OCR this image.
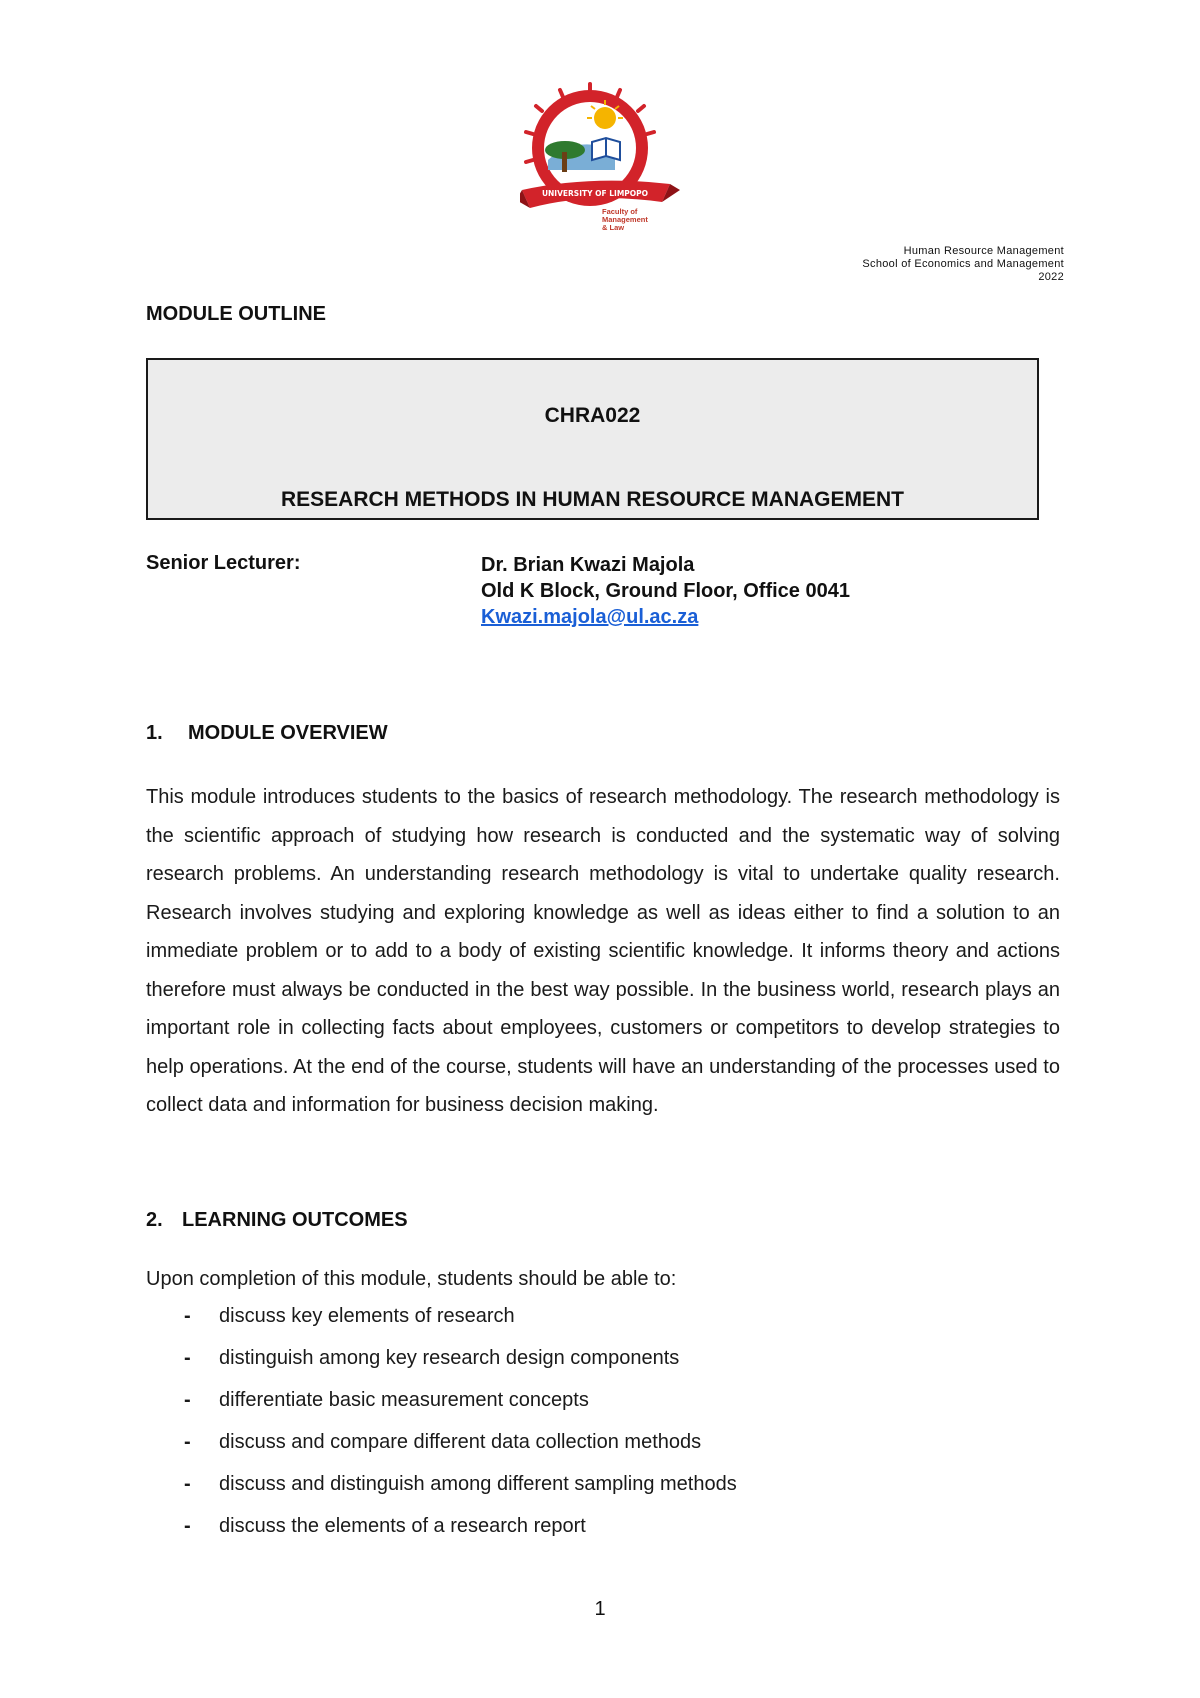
UNIVERSITY OF LIMPOPO
Faculty of
Management
& Law
Human Resource Management
School of Economics and Management
2022
MODULE OUTLINE
CHRA022
RESEARCH METHODS IN HUMAN RESOURCE MANAGEMENT
Senior Lecturer:	Dr. Brian Kwazi Majola
Old K Block, Ground Floor, Office 0041
Kwazi.majola@ul.ac.za
1. MODULE OVERVIEW
This module introduces students to the basics of research methodology. The research methodology is the scientific approach of studying how research is conducted and the systematic way of solving research problems. An understanding research methodology is vital to undertake quality research. Research involves studying and exploring knowledge as well as ideas either to find a solution to an immediate problem or to add to a body of existing scientific knowledge. It informs theory and actions therefore must always be conducted in the best way possible. In the business world, research plays an important role in collecting facts about employees, customers or competitors to develop strategies to help operations. At the end of the course, students will have an understanding of the processes used to collect data and information for business decision making.
2. LEARNING OUTCOMES
Upon completion of this module, students should be able to:
- discuss key elements of research
- distinguish among key research design components
- differentiate basic measurement concepts
- discuss and compare different data collection methods
- discuss and distinguish among different sampling methods
- discuss the elements of a research report
1
